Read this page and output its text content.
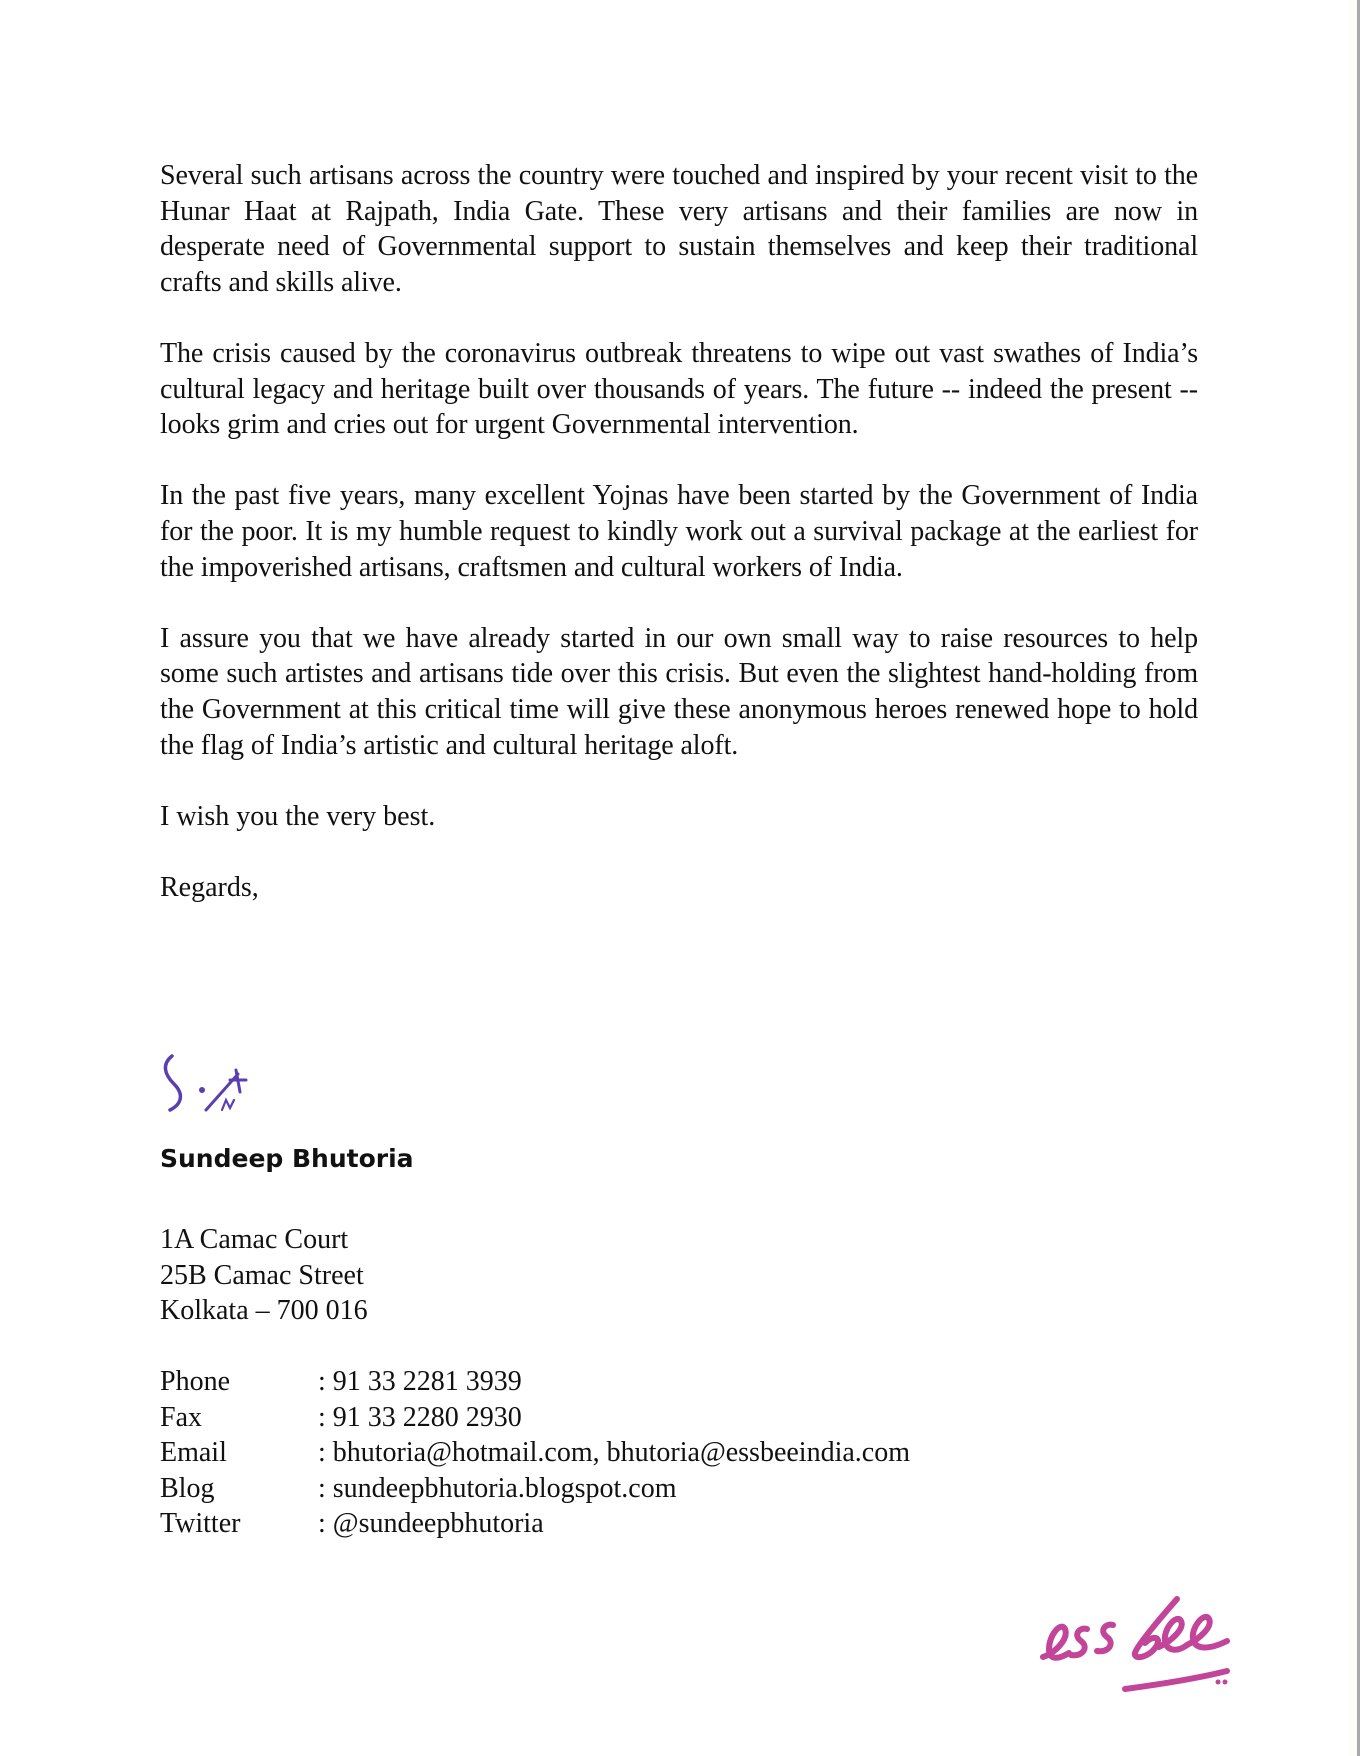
Several such artisans across the country were touched and inspired by your recent visit to the Hunar Haat at Rajpath, India Gate. These very artisans and their families are now in desperate need of Governmental support to sustain themselves and keep their traditional crafts and skills alive.

The crisis caused by the coronavirus outbreak threatens to wipe out vast swathes of India’s cultural legacy and heritage built over thousands of years. The future -- indeed the present -- looks grim and cries out for urgent Governmental intervention.

In the past five years, many excellent Yojnas have been started by the Government of India for the poor. It is my humble request to kindly work out a survival package at the earliest for the impoverished artisans, craftsmen and cultural workers of India.

I assure you that we have already started in our own small way to raise resources to help some such artistes and artisans tide over this crisis. But even the slightest hand-holding from the Government at this critical time will give these anonymous heroes renewed hope to hold the flag of India’s artistic and cultural heritage aloft.

I wish you the very best.

Regards,

Sundeep Bhutoria
1A Camac Court
25B Camac Street
Kolkata – 700 016
Phone	: 91 33 2281 3939
Fax	: 91 33 2280 2930
Email	: bhutoria@hotmail.com, bhutoria@essbeeindia.com
Blog	: sundeepbhutoria.blogspot.com
Twitter	: @sundeepbhutoria
